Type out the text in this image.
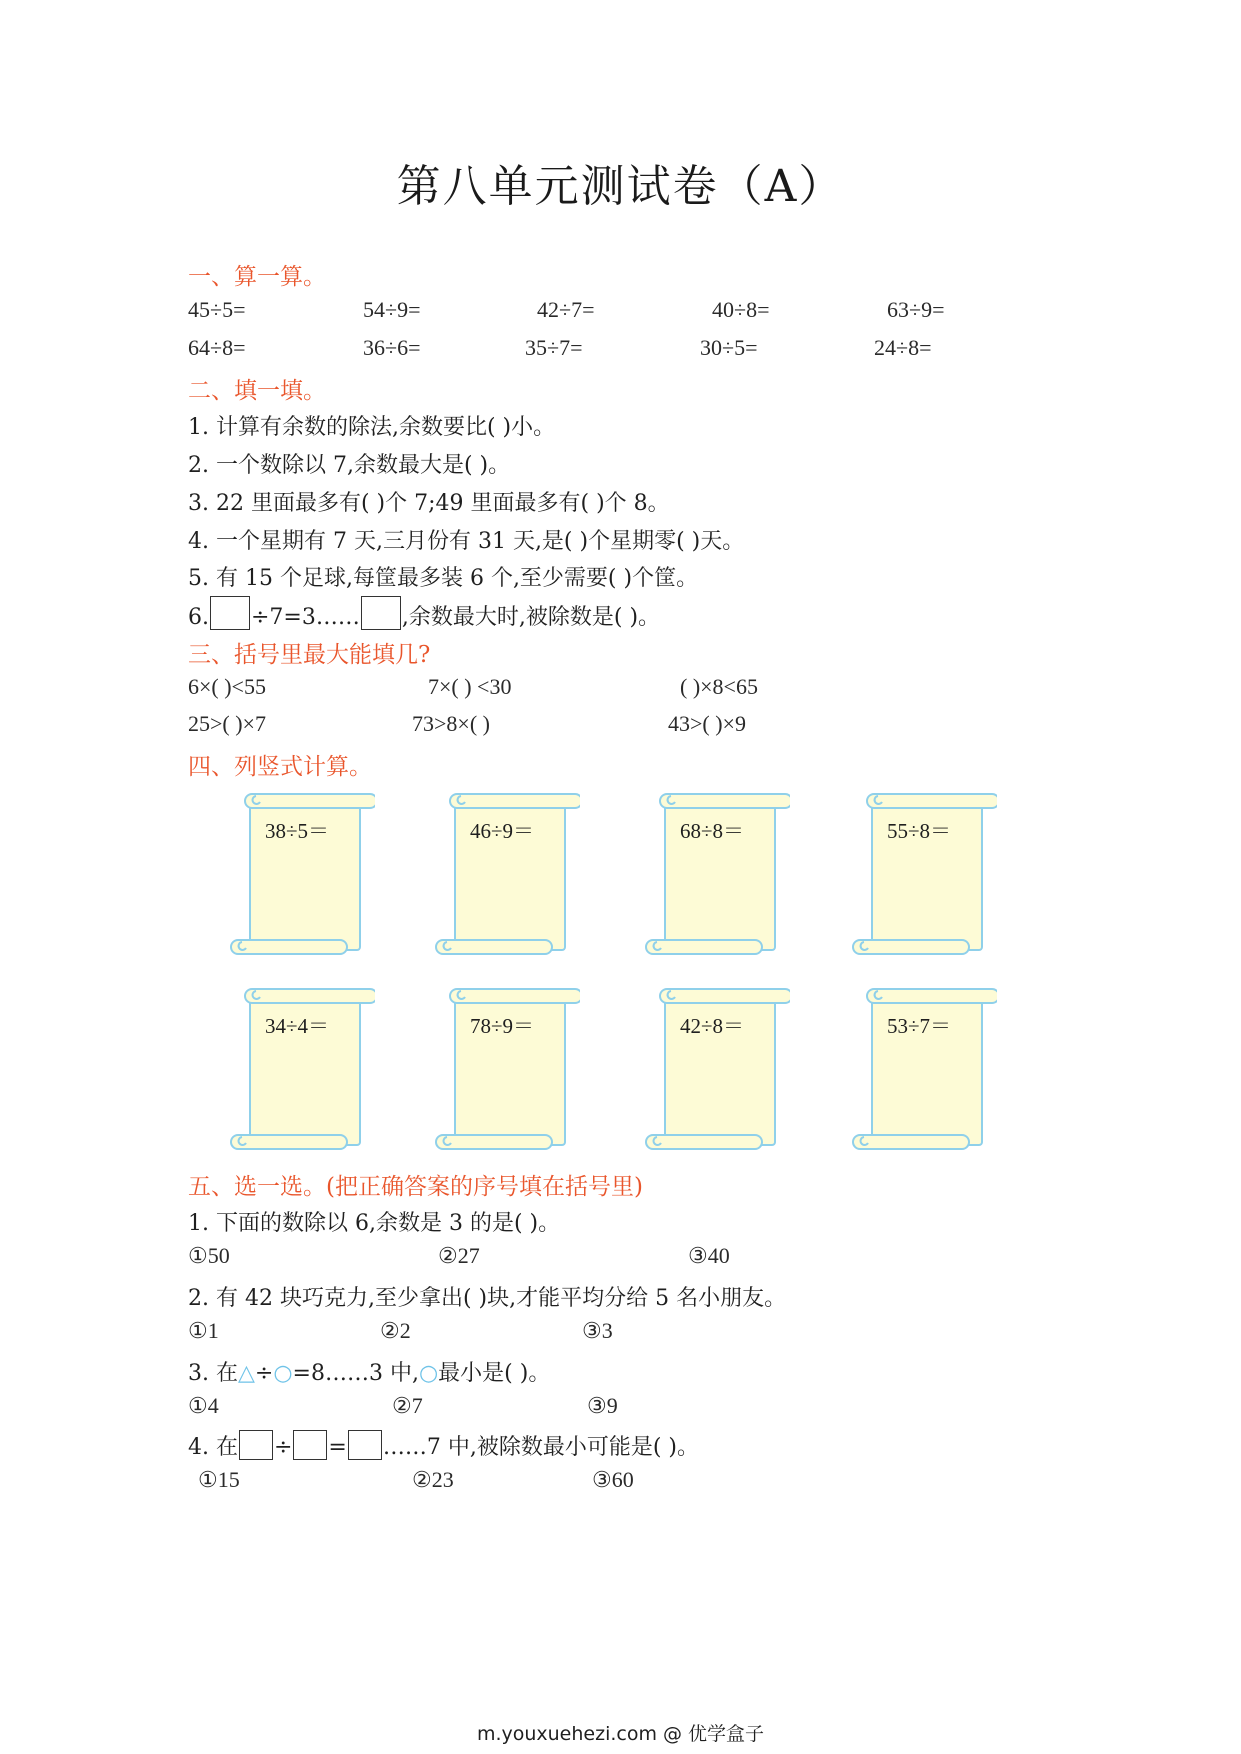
第八单元测试卷（A）
一、算一算。
45÷5=	54÷9=	42÷7=	40÷8=	63÷9=
64÷8=	36÷6=	35÷7=	30÷5=	24÷8=
二、填一填。
1. 计算有余数的除法,余数要比( )小。
2. 一个数除以 7,余数最大是( )。
3. 22 里面最多有( )个 7;49 里面最多有( )个 8。
4. 一个星期有 7 天,三月份有 31 天,是( )个星期零( )天。
5. 有 15 个足球,每筐最多装 6 个,至少需要( )个筐。
6. ÷7=3…… ,余数最大时,被除数是( )。
三、括号里最大能填几?
6×( )<55	7×( ) <30	( )×8<65
25>( )×7	73>8×( )	43>( )×9
四、列竖式计算。
38÷5＝	46÷9＝	68÷8＝	55÷8＝
34÷4＝	78÷9＝	42÷8＝	53÷7＝
五、选一选。(把正确答案的序号填在括号里)
1. 下面的数除以 6,余数是 3 的是( )。
①50	②27	③40
2. 有 42 块巧克力,至少拿出( )块,才能平均分给 5 名小朋友。
①1	②2	③3
3. 在△÷○=8……3 中,○最小是( )。
①4	②7	③9
4. 在 ÷ = ……7 中,被除数最小可能是( )。
①15	②23	③60
m.youxuehezi.com @ 优学盒子
